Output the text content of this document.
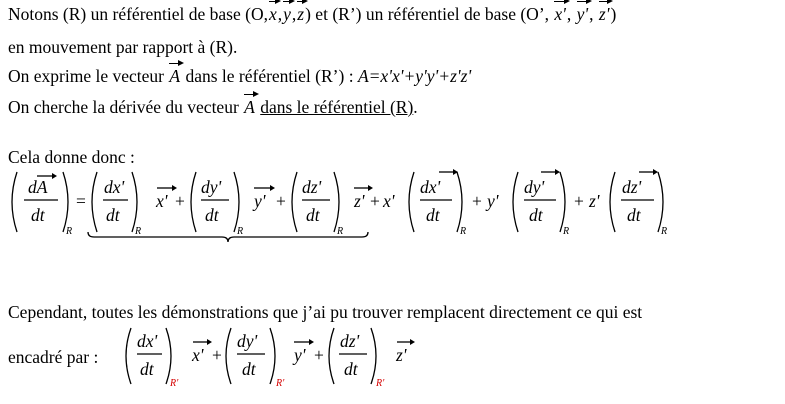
Notons (R) un référentiel de base (O,x,y,z) et (R’) un référentiel de base (O’, x', y', z')
en mouvement par rapport à (R).
On exprime le vecteur A dans le référentiel (R’) : A=x'x'+y'y'+z'z'
On cherche la dérivée du vecteur A dans le référentiel (R).
Cela donne donc :
dA
dt
R
=
dx'
dt
R
x' +
dy'
dt
R
y' +
dz'
dt
R
z' + x'
dx'
dt
R
+ y'
dy'
dt
R
+ z'
dz'
dt
R
Cependant, toutes les démonstrations que j’ai pu trouver remplacent directement ce qui est
encadré par :
dx'
dt
R'
x' +
dy'
dt
R'
y' +
dz'
dt
R'
z'
